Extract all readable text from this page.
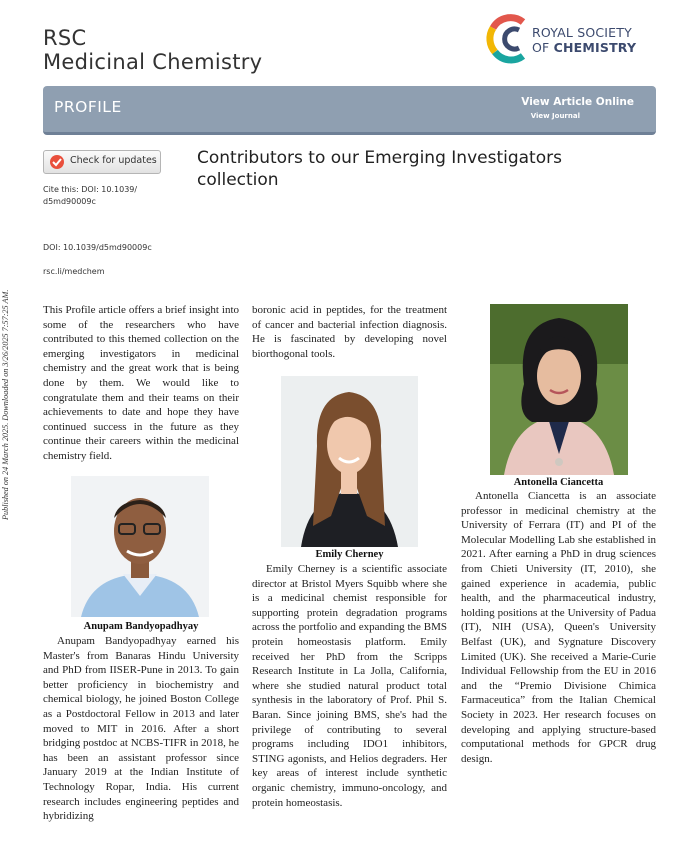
Published on 24 March 2025. Downloaded on 3/26/2025 7:57:25 AM.
RSC
Medicinal Chemistry
ROYAL SOCIETY
OF CHEMISTRY
PROFILE	View Article Online
View Journal
Check for updates
Cite this: DOI: 10.1039/ d5md90009c
DOI: 10.1039/d5md90009c
rsc.li/medchem
Contributors to our Emerging Investigators collection

This Profile article offers a brief insight into some of the researchers who have contributed to this themed collection on the emerging investigators in medicinal chemistry and the great work that is being done by them. We would like to congratulate them and their teams on their achievements to date and hope they have continued success in the future as they continue their careers within the medicinal chemistry field.

Anupam Bandyopadhyay

Anupam Bandyopadhyay earned his Master's from Banaras Hindu University and PhD from IISER-Pune in 2013. To gain better proficiency in biochemistry and chemical biology, he joined Boston College as a Postdoctoral Fellow in 2013 and later moved to MIT in 2016. After a short bridging postdoc at NCBS-TIFR in 2018, he has been an assistant professor since January 2019 at the Indian Institute of Technology Ropar, India. His current research includes engineering peptides and hybridizing

boronic acid in peptides, for the treatment of cancer and bacterial infection diagnosis. He is fascinated by developing novel biorthogonal tools.

Emily Cherney

Emily Cherney is a scientific associate director at Bristol Myers Squibb where she is a medicinal chemist responsible for supporting protein degradation programs across the portfolio and expanding the BMS protein homeostasis platform. Emily received her PhD from the Scripps Research Institute in La Jolla, California, where she studied natural product total synthesis in the laboratory of Prof. Phil S. Baran. Since joining BMS, she's had the privilege of contributing to several programs including IDO1 inhibitors, STING agonists, and Helios degraders. Her key areas of interest include synthetic organic chemistry, immuno-oncology, and protein homeostasis.

Antonella Ciancetta

Antonella Ciancetta is an associate professor in medicinal chemistry at the University of Ferrara (IT) and PI of the Molecular Modelling Lab she established in 2021. After earning a PhD in drug sciences from Chieti University (IT, 2010), she gained experience in academia, public health, and the pharmaceutical industry, holding positions at the University of Padua (IT), NIH (USA), Queen's University Belfast (UK), and Sygnature Discovery Limited (UK). She received a Marie-Curie Individual Fellowship from the EU in 2016 and the “Premio Divisione Chimica Farmaceutica” from the Italian Chemical Society in 2023. Her research focuses on developing and applying structure-based computational methods for GPCR drug design.
